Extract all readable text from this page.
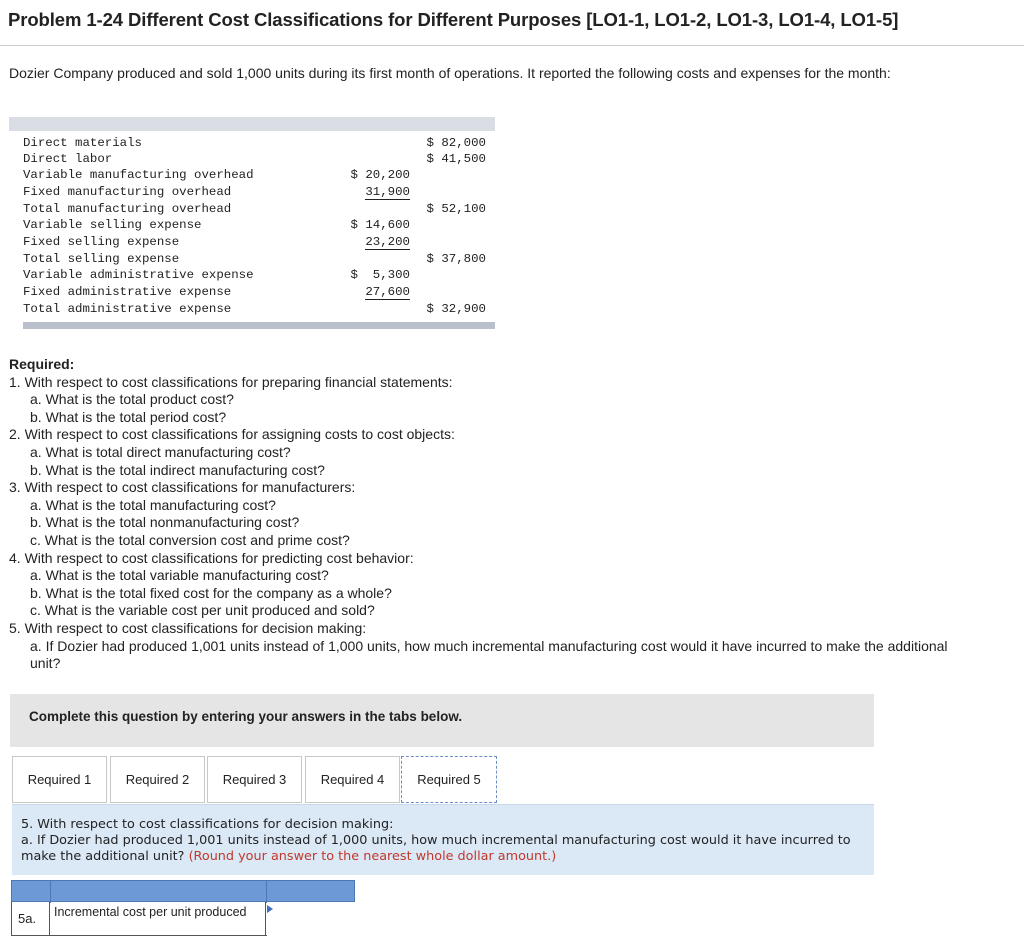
Problem 1-24 Different Cost Classifications for Different Purposes [LO1-1, LO1-2, LO1-3, LO1-4, LO1-5]
Dozier Company produced and sold 1,000 units during its first month of operations. It reported the following costs and expenses for the month:
Direct materials	$ 82,000
Direct labor	$ 41,500
Variable manufacturing overhead	$ 20,200
Fixed manufacturing overhead	31,900
Total manufacturing overhead	$ 52,100
Variable selling expense	$ 14,600
Fixed selling expense	23,200
Total selling expense	$ 37,800
Variable administrative expense	$  5,300
Fixed administrative expense	27,600
Total administrative expense	$ 32,900
Required:
1. With respect to cost classifications for preparing financial statements:
a. What is the total product cost?
b. What is the total period cost?
2. With respect to cost classifications for assigning costs to cost objects:
a. What is total direct manufacturing cost?
b. What is the total indirect manufacturing cost?
3. With respect to cost classifications for manufacturers:
a. What is the total manufacturing cost?
b. What is the total nonmanufacturing cost?
c. What is the total conversion cost and prime cost?
4. With respect to cost classifications for predicting cost behavior:
a. What is the total variable manufacturing cost?
b. What is the total fixed cost for the company as a whole?
c. What is the variable cost per unit produced and sold?
5. With respect to cost classifications for decision making:
a. If Dozier had produced 1,001 units instead of 1,000 units, how much incremental manufacturing cost would it have incurred to make the additional unit?
Complete this question by entering your answers in the tabs below.
Required 1	Required 2	Required 3	Required 4	Required 5
5. With respect to cost classifications for decision making:
a. If Dozier had produced 1,001 units instead of 1,000 units, how much incremental manufacturing cost would it have incurred to make the additional unit? (Round your answer to the nearest whole dollar amount.)
5a.	Incremental cost per unit produced
